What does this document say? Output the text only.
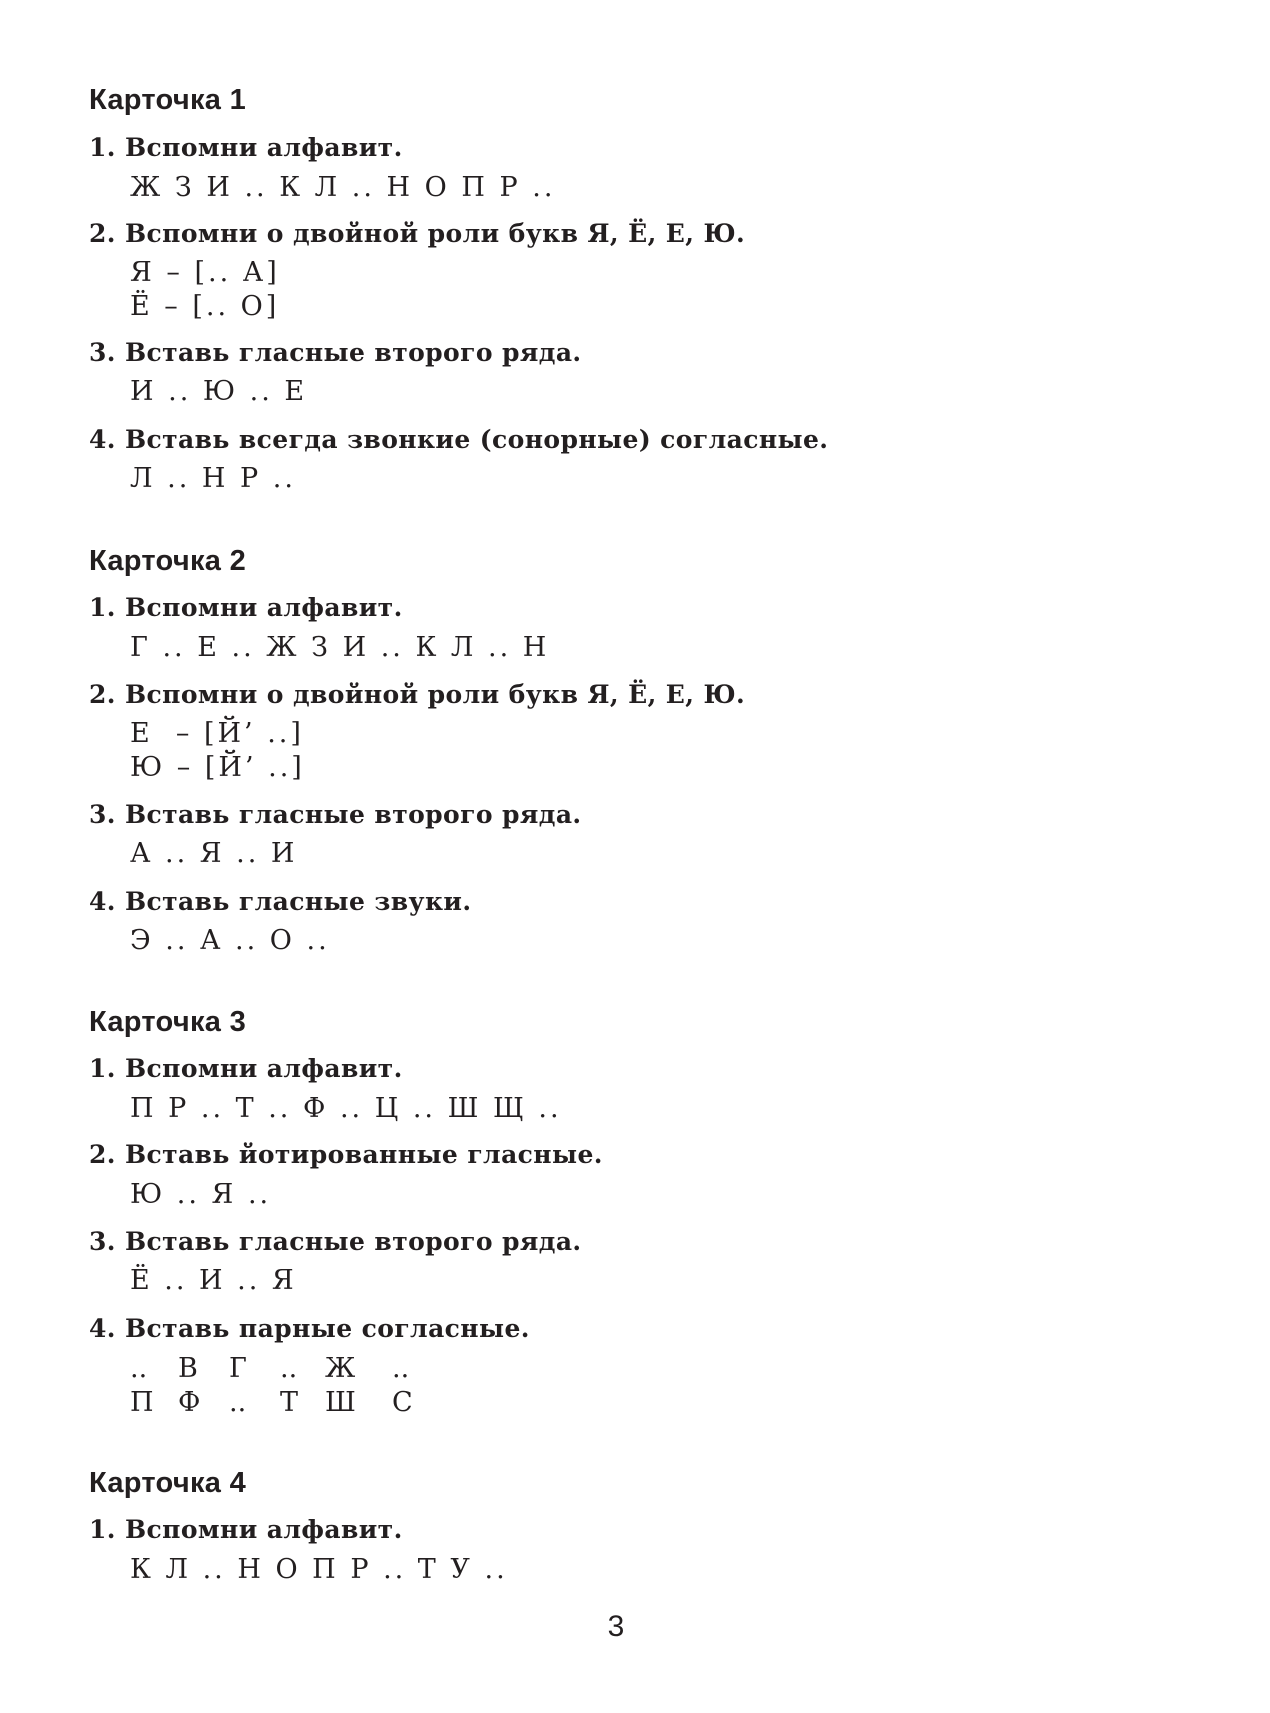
Карточка 1
1. Вспомни алфавит.
Ж З И .. К Л .. Н О П Р ..
2. Вспомни о двойной роли букв Я, Ё, Е, Ю.
Я – [.. А]
Ё – [.. О]
3. Вставь гласные второго ряда.
И .. Ю .. Е
4. Вставь всегда звонкие (сонорные) согласные.
Л .. Н Р ..
Карточка 2
1. Вспомни алфавит.
Г .. Е .. Ж З И .. К Л .. Н
2. Вспомни о двойной роли букв Я, Ё, Е, Ю.
Е  – [Й’ ..]
Ю – [Й’ ..]
3. Вставь гласные второго ряда.
А .. Я .. И
4. Вставь гласные звуки.
Э .. А .. О ..
Карточка 3
1. Вспомни алфавит.
П Р .. Т .. Ф .. Ц .. Ш Щ ..
2. Вставь йотированные гласные.
Ю .. Я ..
3. Вставь гласные второго ряда.
Ё .. И .. Я
4. Вставь парные согласные.
.. В Г .. Ж ..
П Ф .. Т Ш С
Карточка 4
1. Вспомни алфавит.
К Л .. Н О П Р .. Т У ..
3
